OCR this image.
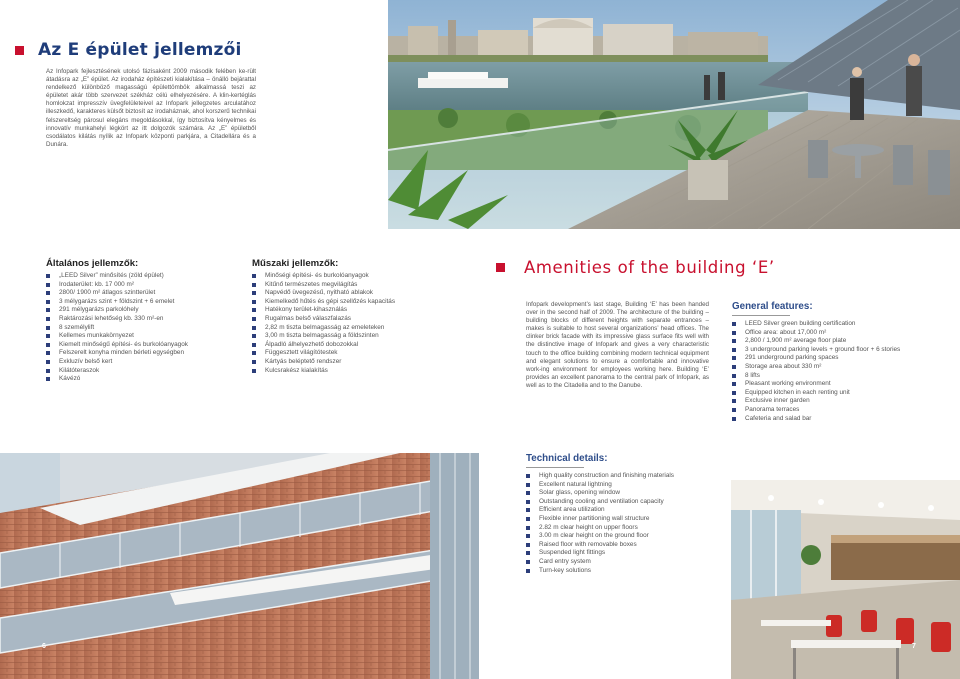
Az E épület jellemzői

Az Infopark fejlesztésének utolsó fázisaként 2009 második felében ke-rült átadásra az „E” épület. Az irodaház építészeti kialakítása – önálló bejárattal rendelkező különböző magasságú épülettömbök alkalmassá teszi az épületet akár több szervezet székház célú elhelyezésére. A klin-kertéglás homlokzat impresszív üvegfelületeivel az Infopark jellegzetes arculatához illeszkedő, karakteres külsőt biztosít az irodaháznak, ahol korszerű technikai felszereltség párosul elegáns megoldásokkal, így biztosítva kényelmes és innovatív munkahelyi légkört az itt dolgozók számára. Az „E” épületből csodálatos kilátás nyílik az Infopark központi parkjára, a Citadellára és a Dunára.

Általános jellemzők:
„LEED Silver” minősítés (zöld épület)
Irodaterület: kb. 17 000 m²
2800/ 1900 m² átlagos szintterület
3 mélygarázs szint + földszint + 6 emelet
291 mélygarázs parkolóhely
Raktározási lehetőség kb. 330 m²-en
8 személylift
Kellemes munkakörnyezet
Kiemelt minőségű építési- és burkolóanyagok
Felszerelt konyha minden bérleti egységben
Exkluzív belső kert
Kilátóteraszok
Kávézó
Műszaki jellemzők:
Minőségi építési- és burkolóanyagok
Kitűnő természetes megvilágítás
Napvédő üvegezésű, nyitható ablakok
Kiemelkedő hűtés és gépi szellőzés kapacitás
Hatékony terület-kihasználás
Rugalmas belső válaszfalazás
2,82 m tiszta belmagasság az emeleteken
3,00 m tiszta belmagasság a földszinten
Álpadló álhelyezhető dobozokkal
Függesztett világítótestek
Kártyás beléptető rendszer
Kulcsrakész kialakítás
6
Amenities of the building ‘E’

Infopark development’s last stage, Building ‘E’ has been handed over in the second half of 2009. The architecture of the building – building blocks of different heights with separate entrances – makes is suitable to host several organizations’ head offices. The clinker brick facade with its impressive glass surface fits well with the distinctive image of Infopark and gives a very characteristic touch to the office building combining modern technical equipment and elegant solutions to ensure a comfortable and innovative work-ing environment for employees working here. Building ‘E’ provides an excellent panorama to the central park of Infopark, as well as to the Citadella and to the Danube.

General features:
LEED Silver green building certification
Office area: about 17,000 m²
2,800 / 1,900 m² average floor plate
3 underground parking levels + ground floor + 6 stories
291 underground parking spaces
Storage area about 330 m²
8 lifts
Pleasant working environment
Equipped kitchen in each renting unit
Exclusive inner garden
Panorama terraces
Cafeteria and salad bar
Technical details:
High quality construction and finishing materials
Excellent natural lightning
Solar glass, opening window
Outstanding cooling and ventilation capacity
Efficient area utilization
Flexible inner partitioning wall structure
2.82 m clear height on upper floors
3.00 m clear height on the ground floor
Raised floor with removable boxes
Suspended light fittings
Card entry system
Turn-key solutions
7
